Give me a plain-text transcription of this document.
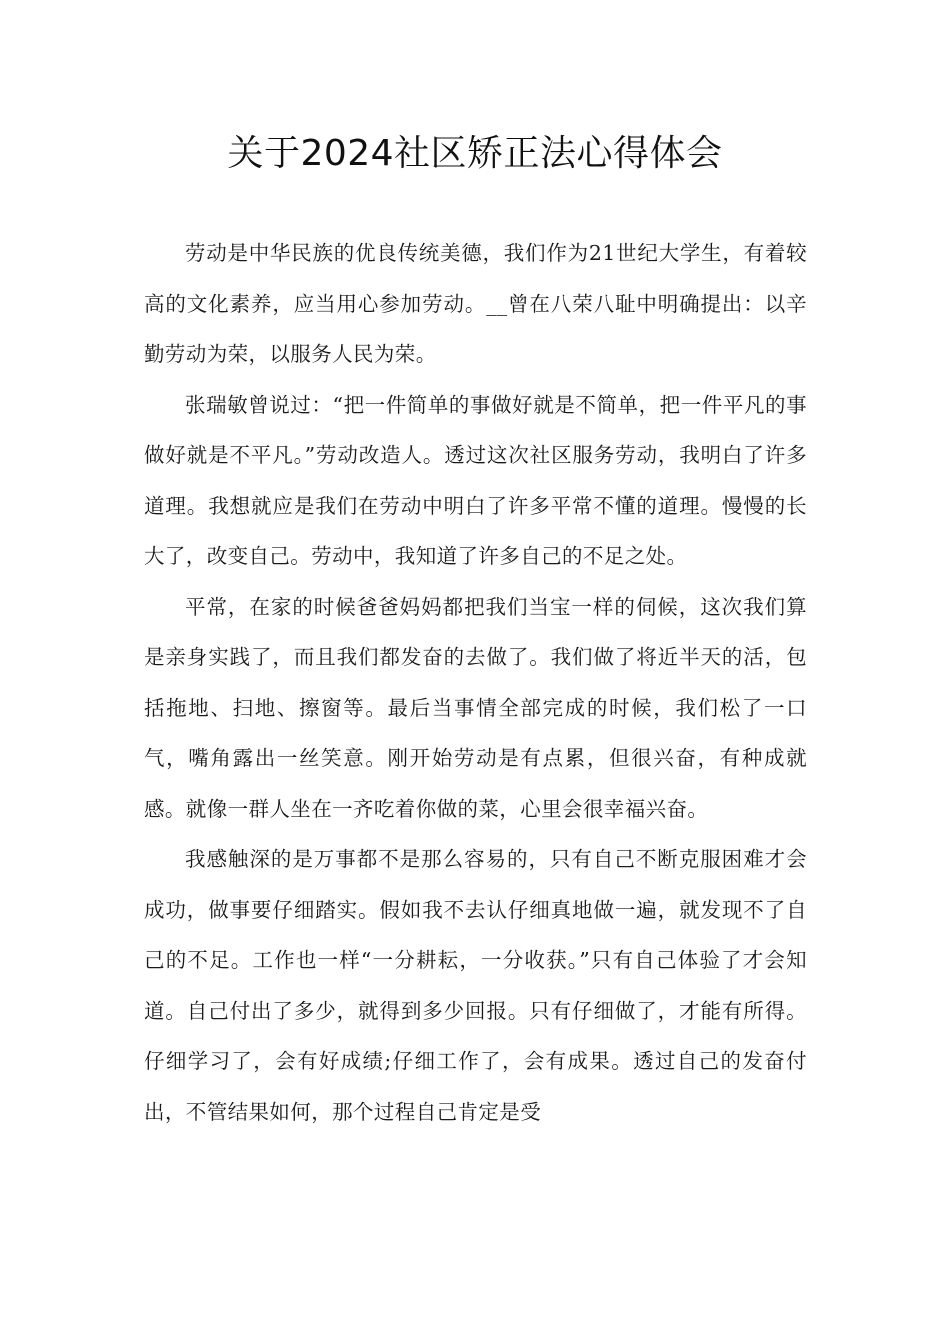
关于2024社区矫正法心得体会

劳动是中华民族的优良传统美德，我们作为21世纪大学生，有着较高的文化素养，应当用心参加劳动。__曾在八荣八耻中明确提出：以辛勤劳动为荣，以服务人民为荣。

张瑞敏曾说过：“把一件简单的事做好就是不简单，把一件平凡的事做好就是不平凡。”劳动改造人。透过这次社区服务劳动，我明白了许多道理。我想就应是我们在劳动中明白了许多平常不懂的道理。慢慢的长大了，改变自己。劳动中，我知道了许多自己的不足之处。

平常，在家的时候爸爸妈妈都把我们当宝一样的伺候，这次我们算是亲身实践了，而且我们都发奋的去做了。我们做了将近半天的活，包括拖地、扫地、擦窗等。最后当事情全部完成的时候，我们松了一口气，嘴角露出一丝笑意。刚开始劳动是有点累，但很兴奋，有种成就感。就像一群人坐在一齐吃着你做的菜，心里会很幸福兴奋。

我感触深的是万事都不是那么容易的，只有自己不断克服困难才会成功，做事要仔细踏实。假如我不去认仔细真地做一遍，就发现不了自己的不足。工作也一样“一分耕耘，一分收获。”只有自己体验了才会知道。自己付出了多少，就得到多少回报。只有仔细做了，才能有所得。仔细学习了，会有好成绩;仔细工作了，会有成果。透过自己的发奋付出，不管结果如何，那个过程自己肯定是受
